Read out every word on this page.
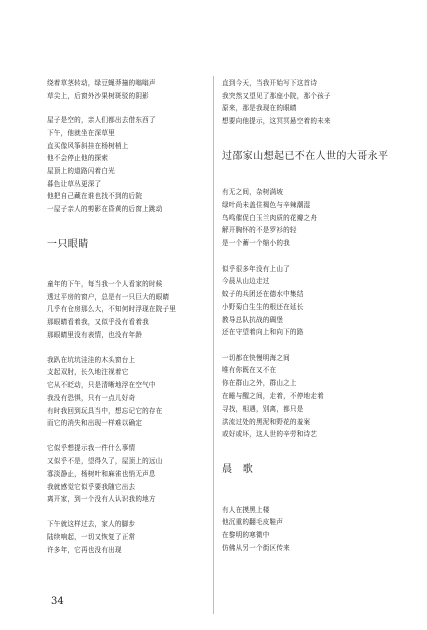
绕着草茎转动，绿豆蝇莽撞的嗡嗡声
草尖上，后窗外沙果树斑驳的阴影
屋子是空的，亲人们都出去借东西了
下午，他就坐在深草里
直买像风筝斜挂在杨树梢上
他不会停止他的探索
屋顶上的道路闪着白光
暮色让草丛更深了
他把自己藏在谁也找不到的后院
一屋子亲人的剪影在昏黄的后窗上跳动
一只眼睛
童年的下午，每当我一个人看家的时候
透过平房的窗户，总是有一只巨大的眼睛
几乎有仓房那么大，不知何时浮现在院子里
那眼睛看着我，又似乎没有看着我
那眼睛里没有表情，也没有年龄
我趴在坑坑洼洼的木头窗台上
支起双肘，长久地注视着它
它从不眨动，只是清晰地浮在空气中
我没有恐惧，只有一点儿好奇
有时我回到玩具当中，想忘记它的存在
而它的消失和出现一样难以确定
它似乎想提示我一件什么事情
又似乎不是，望得久了，屋顶上的远山
寡淡静止，杨树叶和麻雀也悄无声息
我就感觉它似乎要我随它出去
离开家，到一个没有人认识我的地方
下午就这样过去，家人的脚步
陆续响起，一切又恢复了正常
许多年，它再也没有出现
直到今天，当我开始写下这首诗
我突然又望见了那座小院，那个孩子
原来，那是我现在的眼睛
想要向他提示，这冥冥悬空着的未来
过邵家山想起已不在人世的大哥永平
有无之间，杂树满坡
绿叶尚未盖住褐色与辛辣潮湿
鸟鸣催促白玉兰肉质的花瓣之舟
解开胸怀的不是罗衫的轻
是一个蓄一个缩小的我
似乎很多年没有上山了
今晨从山边走过
蚊子的兵团还在德水中集结
小野菊白生生的根还在延长
教导总队抗战的碉堡
还在守望着向上和向下的路
一切都在快慢明海之间
唯有你既在又不在
你在群山之外，群山之上
在睡与醒之间，走着，不停地走着
寻找，相遇，别离，都只是
洪流过处的黑泥和野花的羞案
或好或坏，这人世的辛劳和诗艺
晨　歌
有人在摸黑上楼
他沉重的翻毛皮鞋声
在黎明的寒微中
仿佛从另一个街区传来
34
